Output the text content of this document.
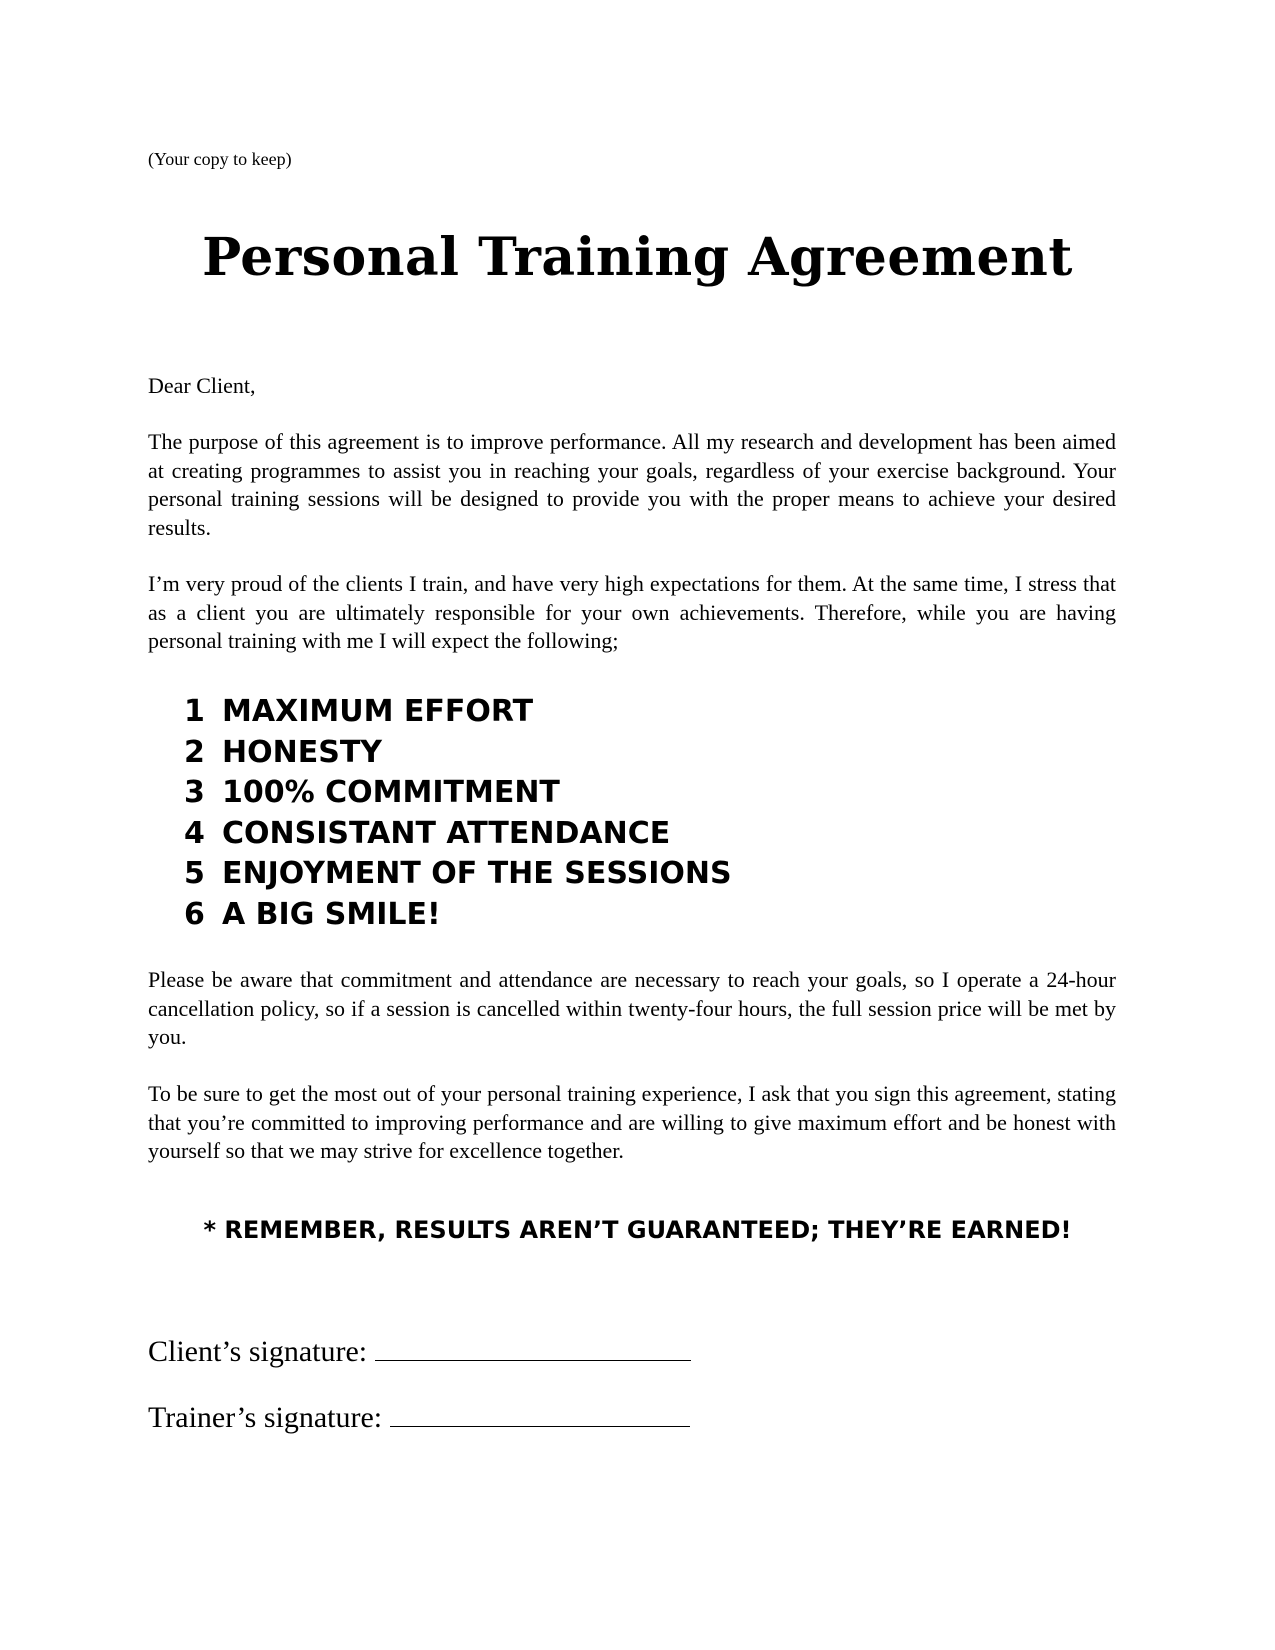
(Your copy to keep)
Personal Training Agreement

Dear Client,

The purpose of this agreement is to improve performance. All my research and development has been aimed at creating programmes to assist you in reaching your goals, regardless of your exercise background. Your personal training sessions will be designed to provide you with the proper means to achieve your desired results.

I’m very proud of the clients I train, and have very high expectations for them. At the same time, I stress that as a client you are ultimately responsible for your own achievements. Therefore, while you are having personal training with me I will expect the following;

1 MAXIMUM EFFORT
2 HONESTY
3 100% COMMITMENT
4 CONSISTANT ATTENDANCE
5 ENJOYMENT OF THE SESSIONS
6 A BIG SMILE!

Please be aware that commitment and attendance are necessary to reach your goals, so I operate a 24-hour cancellation policy, so if a session is cancelled within twenty-four hours, the full session price will be met by you.

To be sure to get the most out of your personal training experience, I ask that you sign this agreement, stating that you’re committed to improving performance and are willing to give maximum effort and be honest with yourself so that we may strive for excellence together.

* REMEMBER, RESULTS AREN’T GUARANTEED; THEY’RE EARNED!

Client’s signature:
Trainer’s signature:
